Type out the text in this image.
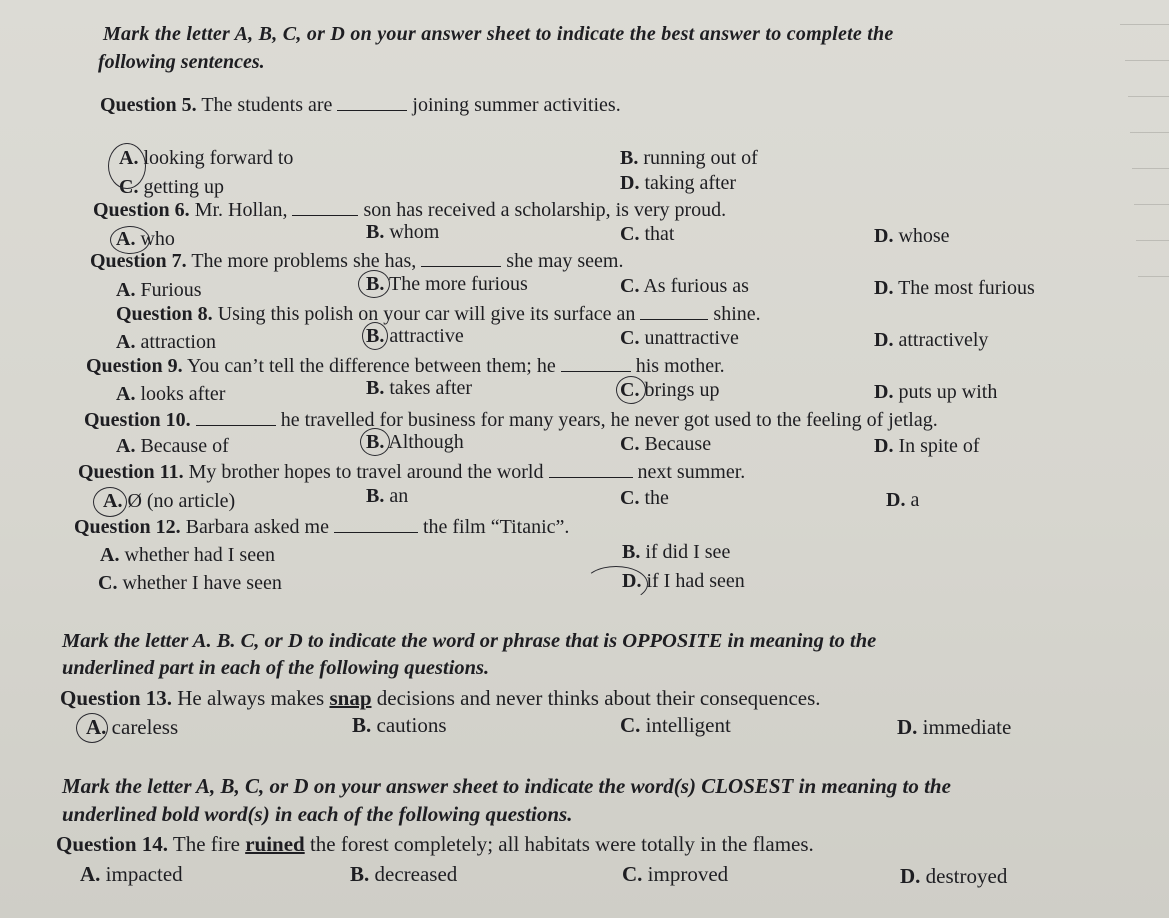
Mark the letter A, B, C, or D on your answer sheet to indicate the best answer to complete the
following sentences.
Question 5. The students are	joining summer activities.
A. looking forward to	B. running out of
C. getting up	D. taking after
Question 6. Mr. Hollan,	son has received a scholarship, is very proud.
A. who	B. whom	C. that	D. whose
Question 7. The more problems she has,	she may seem.
A. Furious	B. The more furious	C. As furious as	D. The most furious
Question 8. Using this polish on your car will give its surface an	shine.
A. attraction	B. attractive	C. unattractive	D. attractively
Question 9. You can’t tell the difference between them; he	his mother.
A. looks after	B. takes after	C. brings up	D. puts up with
Question 10.	he travelled for business for many years, he never got used to the feeling of jetlag.
A. Because of	B. Although	C. Because	D. In spite of
Question 11. My brother hopes to travel around the world	next summer.
A. Ø (no article)	B. an	C. the	D. a
Question 12. Barbara asked me	the film “Titanic”.
A. whether had I seen	B. if did I see
C. whether I have seen	D. if I had seen
Mark the letter A. B. C, or D to indicate the word or phrase that is OPPOSITE in meaning to the
underlined part in each of the following questions.
Question 13. He always makes snap decisions and never thinks about their consequences.
A. careless	B. cautions	C. intelligent	D. immediate
Mark the letter A, B, C, or D on your answer sheet to indicate the word(s) CLOSEST in meaning to the
underlined bold word(s) in each of the following questions.
Question 14. The fire ruined the forest completely; all habitats were totally in the flames.
A. impacted	B. decreased	C. improved	D. destroyed
